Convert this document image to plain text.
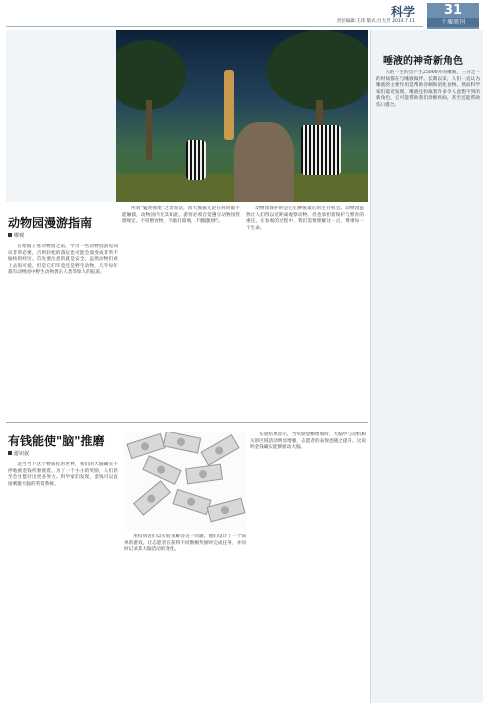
科学
责任编辑:王玮 版式:吕大芳 2014.7.11
31
十堰周刊
动物园漫游指南
缪观

在寒假子进动物园之前，学习一些动物园游览知识非常必要，否则轻松的游玩也可能会演变成非常不愉快的经历。首先要注意的就是安全。虽然动物们看上去很可爱，但是它们毕竟还是野生动物，几乎每年都有动物园中野生动物袭击人类等惊人的报道。

所谓"猛虎摇尾"之类说话，而大熊猫无论在何时都不能触摸，动物园内尤其如此。游客必须自觉遵守动物园管理规定，不投喂食物，不敲打玻璃，不翻越围栏。

动物园保护的是它们种族最后的生存机会。动物园虽然让人们得以近距离观察动物，但也承担着保护与繁育的重任。在参观的过程中，我们需要理解这一点，尊重每一个生命。

有钱能使"脑"推磨
游识叔

适当当下这个物质化的世界，我们的大脑确实不停地被金钱所驱使着。为了一个小小的奖励，人们甚至会甘愿付出更多努力。科学家们发现，金钱可以直接刺激大脑的奖赏系统。

用投资者们以实验来解答这一问题。他们设计了一个简单的游戏，让志愿者在获得不同数额奖励时完成任务，并同时记录其大脑活动的变化。

实验结果显示，当奖励金额增加时，大脑中与动机相关的区域活动明显增强，志愿者的表现也随之提升。这说明金钱确实能够驱动大脑。

唾液的神奇新角色

人的一生约会产生25000升的唾液，三分之一的时间都在与唾液做伴。长期以来，人们一直认为唾液的主要作用是帮助吞咽和消化食物。然而科学家们最近发现，唾液还扮演着许多令人意想不到的新角色，它可能帮助我们诊断疾病，甚至还能帮助伤口愈合。
